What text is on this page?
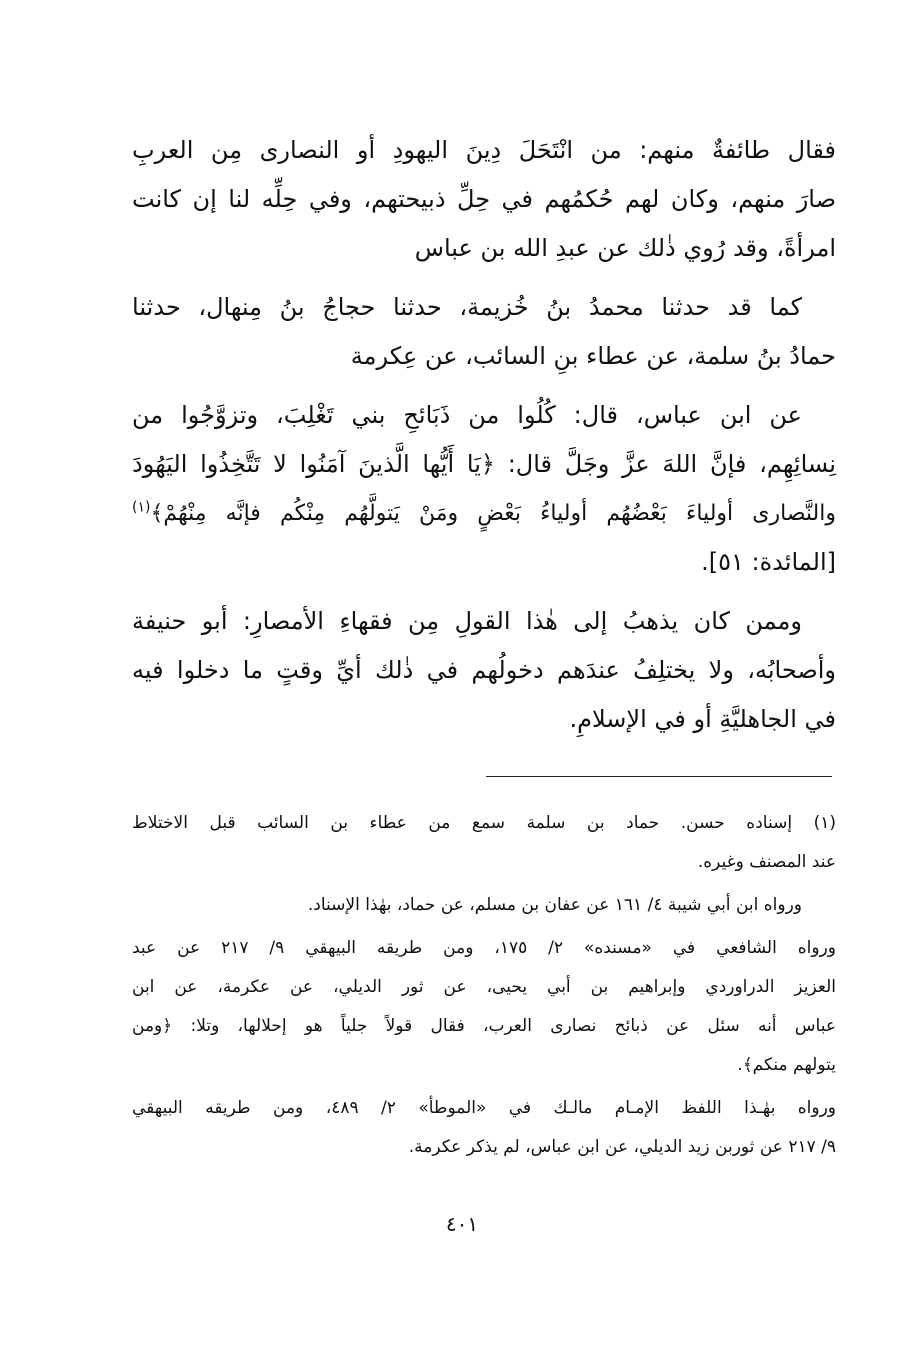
فقال طائفةٌ منهم: من انْتَحَلَ دِينَ اليهودِ أو النصارى مِن العربِ
صارَ منهم، وكان لهم حُكمُهم في حِلِّ ذبيحتهم، وفي حِلِّه لنا إن كانت
امرأةً، وقد رُوي ذٰلك عن عبدِ الله بن عباس
كما قد حدثنا محمدُ بنُ خُزيمة، حدثنا حجاجُ بنُ مِنهال، حدثنا
حمادُ بنُ سلمة، عن عطاء بنِ السائب، عن عِكرمة
عن ابن عباس، قال: كُلُوا من ذَبَائحِ بني تَغْلِبَ، وتزوَّجُوا من
نِسائِهِم، فإنَّ اللهَ عزَّ وجَلَّ قال: ﴿يَا أَيُّها الَّذينَ آمَنُوا لا تَتَّخِذُوا اليَهُودَ
والنَّصارى أولياءَ بَعْضُهُم أولياءُ بَعْضٍ ومَنْ يَتولَّهُم مِنْكُم فإنَّه مِنْهُمْ﴾$^{(١)}$
[المائدة: ٥١].
وممن كان يذهبُ إلى هٰذا القولِ مِن فقهاءِ الأمصارِ: أبو حنيفة
وأصحابُه، ولا يختلِفُ عندَهم دخولُهم في ذٰلك أيِّ وقتٍ ما دخلوا فيه
في الجاهليَّةِ أو في الإسلامِ.
(١) إسناده حسن. حماد بن سلمة سمع من عطاء بن السائب قبل الاختلاط
عند المصنف وغيره.
ورواه ابن أبي شيبة ٤/ ١٦١ عن عفان بن مسلم، عن حماد، بهٰذا الإسناد.
ورواه الشافعي في «مسنده» ٢/ ١٧٥، ومن طريقه البيهقي ٩/ ٢١٧ عن عبد
العزيز الدراوردي وإبراهيم بن أبي يحيى، عن ثور الديلي، عن عكرمة، عن ابن
عباس أنه سئل عن ذبائح نصارى العرب، فقال قولاً جلياً هو إحلالها، وتلا: ﴿ومن
يتولهم منكم﴾.
ورواه بهٰـذا اللفظ الإمـام مالـك في «الموطأ» ٢/ ٤٨٩، ومن طريقه البيهقي
٩/ ٢١٧ عن ثوربن زيد الديلي، عن ابن عباس، لم يذكر عكرمة.
٤٠١
